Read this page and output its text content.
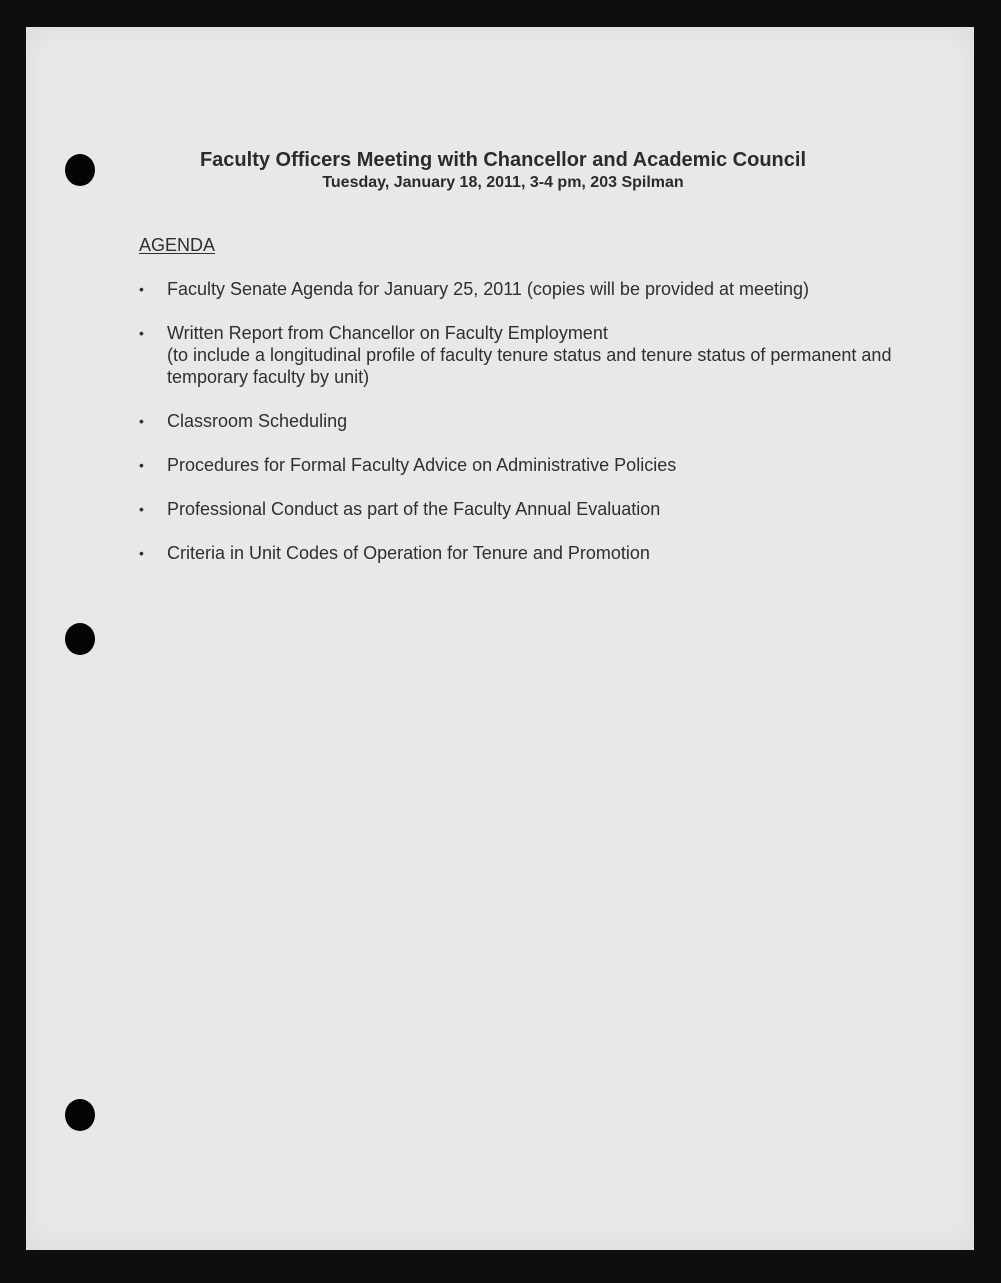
Faculty Officers Meeting with Chancellor and Academic Council
Tuesday, January 18, 2011, 3-4 pm, 203 Spilman
AGENDA
• Faculty Senate Agenda for January 25, 2011 (copies will be provided at meeting)
• Written Report from Chancellor on Faculty Employment
(to include a longitudinal profile of faculty tenure status and tenure status of permanent and temporary faculty by unit)
• Classroom Scheduling
• Procedures for Formal Faculty Advice on Administrative Policies
• Professional Conduct as part of the Faculty Annual Evaluation
• Criteria in Unit Codes of Operation for Tenure and Promotion
